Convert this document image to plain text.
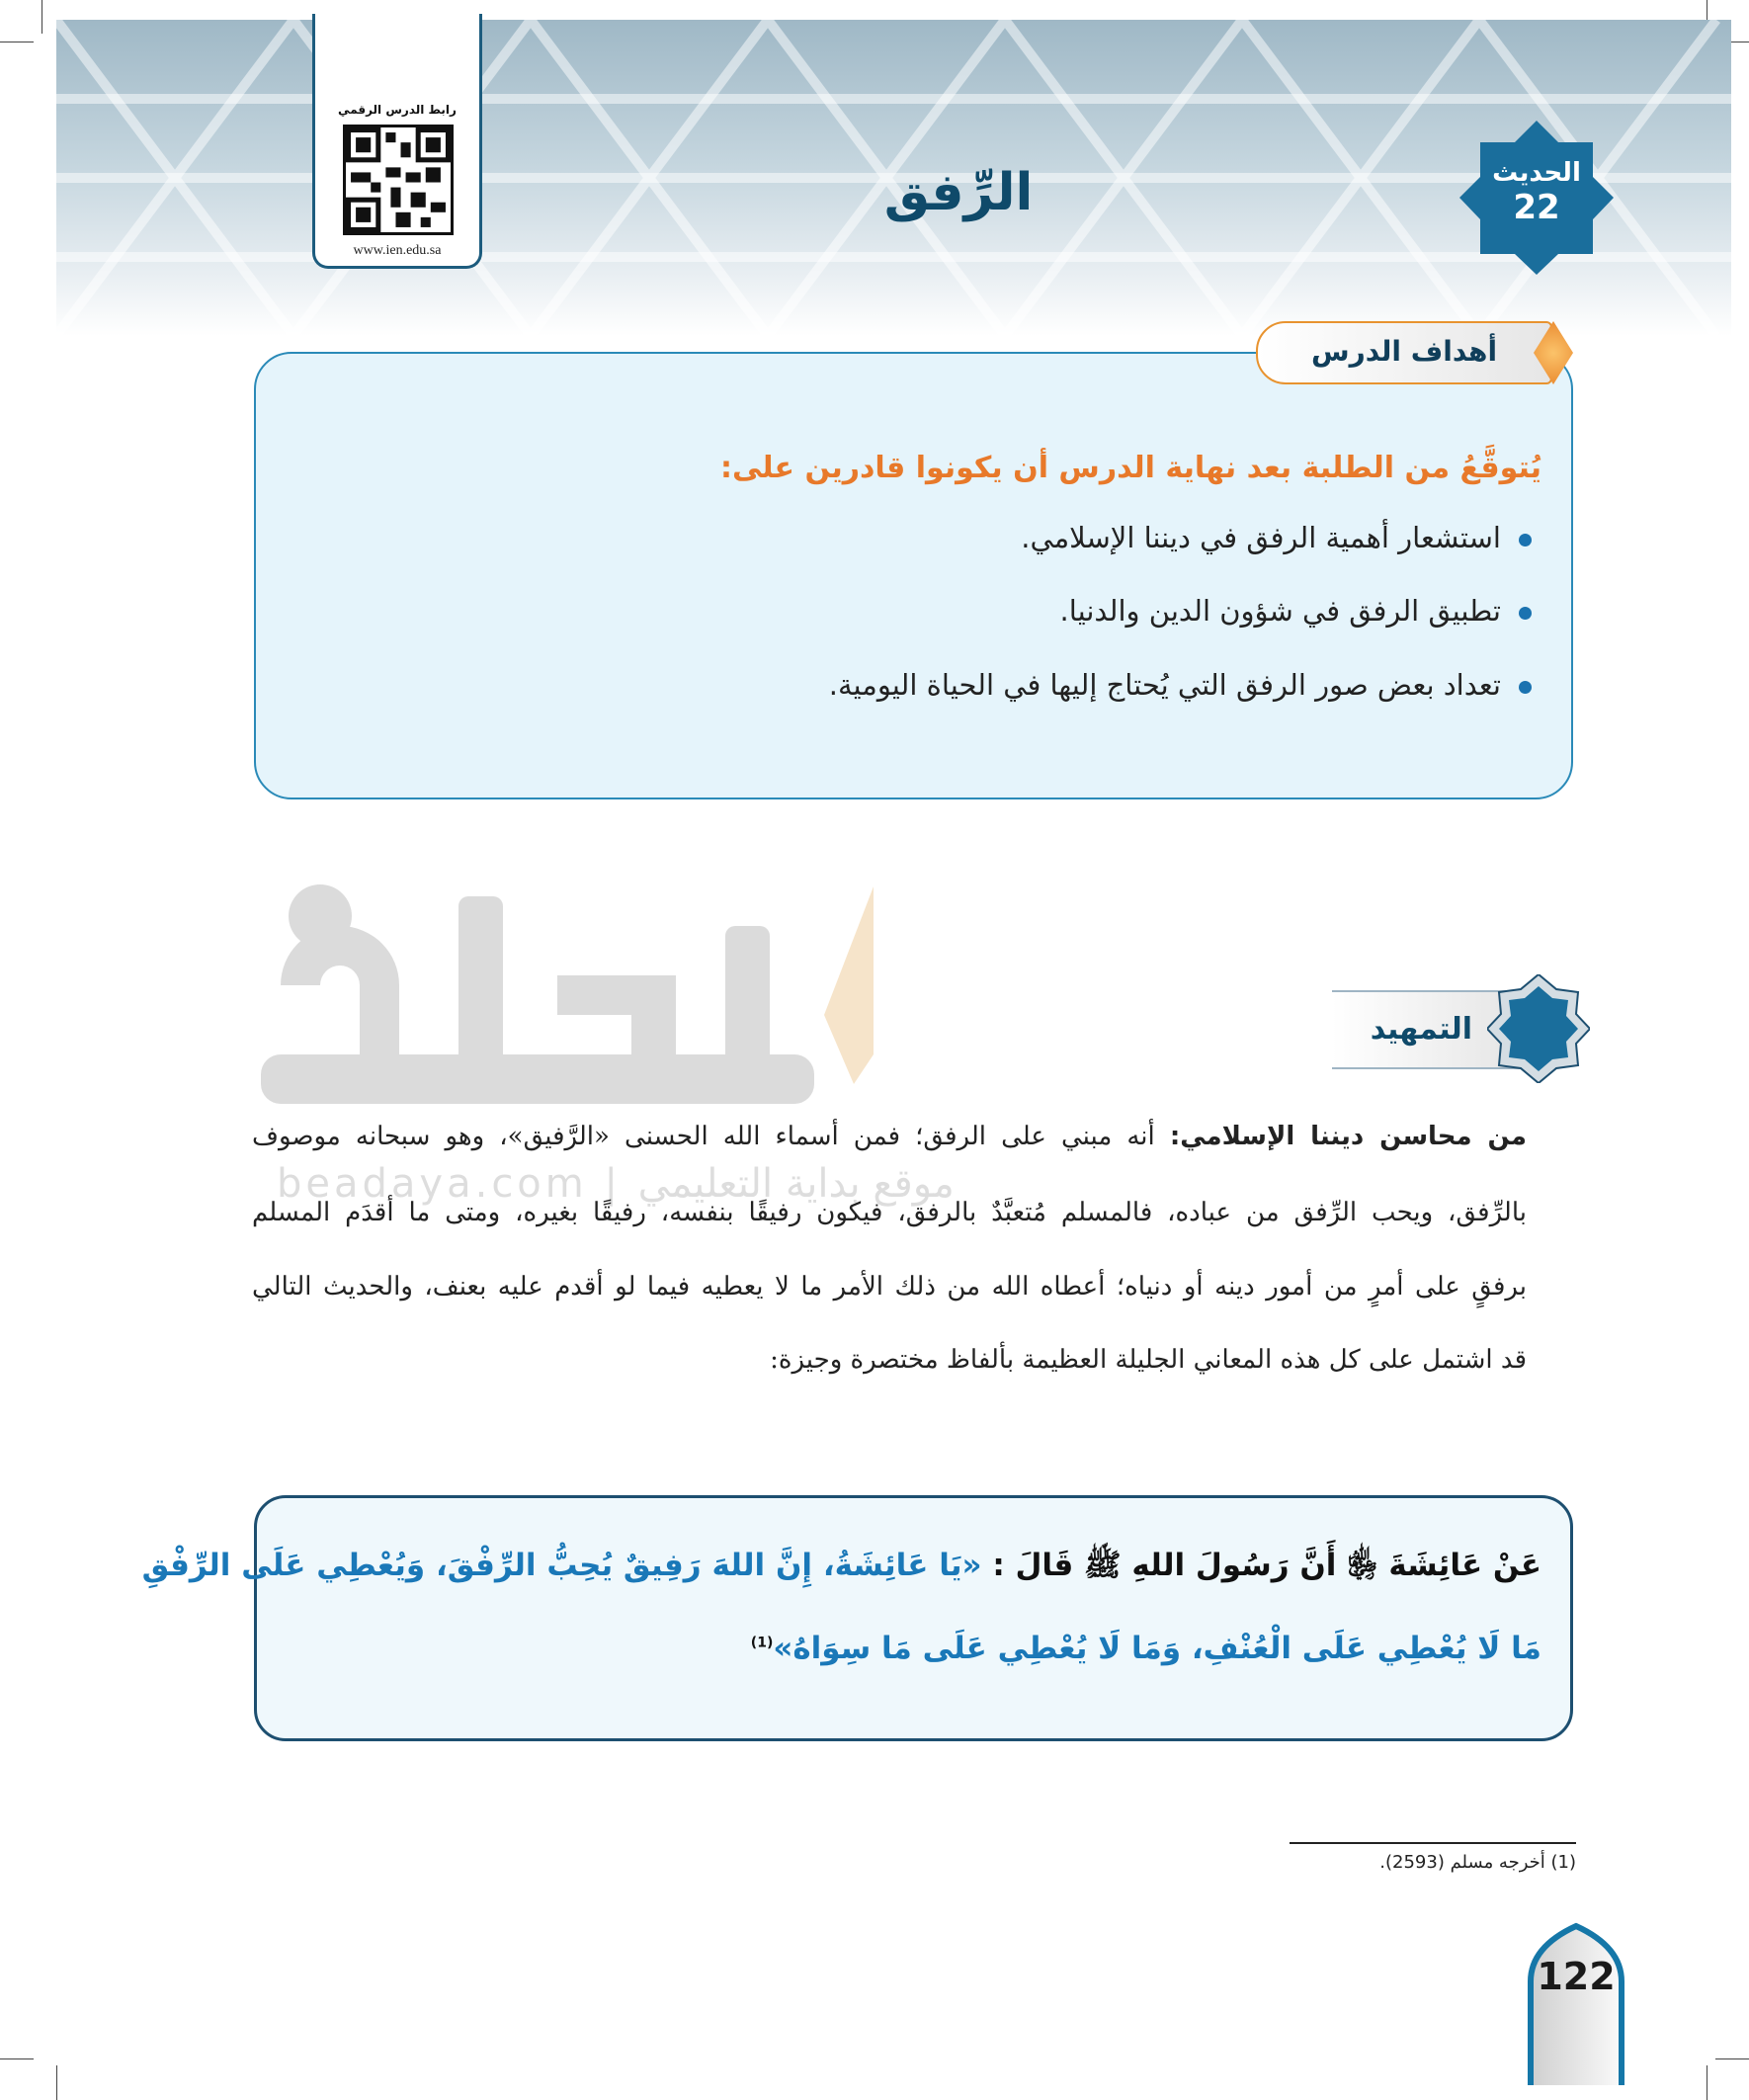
رابط الدرس الرقمي
www.ien.edu.sa
الرِّفق	الحديث
22
أهداف الدرس
يُتوقَّعُ من الطلبة بعد نهاية الدرس أن يكونوا قادرين على:
استشعار أهمية الرفق في ديننا الإسلامي.
تطبيق الرفق في شؤون الدين والدنيا.
تعداد بعض صور الرفق التي يُحتاج إليها في الحياة اليومية.
beadaya.com | موقع بداية التعليمي
التمهيد
من محاسن ديننا الإسلامي: أنه مبني على الرفق؛ فمن أسماء الله الحسنى «الرَّفيق»، وهو سبحانه موصوف
بالرِّفق، ويحب الرِّفق من عباده، فالمسلم مُتعبَّدٌ بالرفق، فيكون رفيقًا بنفسه، رفيقًا بغيره، ومتى ما أقدَم المسلم
برفقٍ على أمرٍ من أمور دينه أو دنياه؛ أعطاه الله من ذلك الأمر ما لا يعطيه فيما لو أقدم عليه بعنف، والحديث التالي
قد اشتمل على كل هذه المعاني الجليلة العظيمة بألفاظ مختصرة وجيزة:
عَنْ عَائِشَةَ ﵂ أَنَّ رَسُولَ اللهِ ﷺ قَالَ : «يَا عَائِشَةُ، إِنَّ اللهَ رَفِيقٌ يُحِبُّ الرِّفْقَ، وَيُعْطِي عَلَى الرِّفْقِ
مَا لَا يُعْطِي عَلَى الْعُنْفِ، وَمَا لَا يُعْطِي عَلَى مَا سِوَاهُ»$^{(1)}$
(1) أخرجه مسلم (2593).
122
